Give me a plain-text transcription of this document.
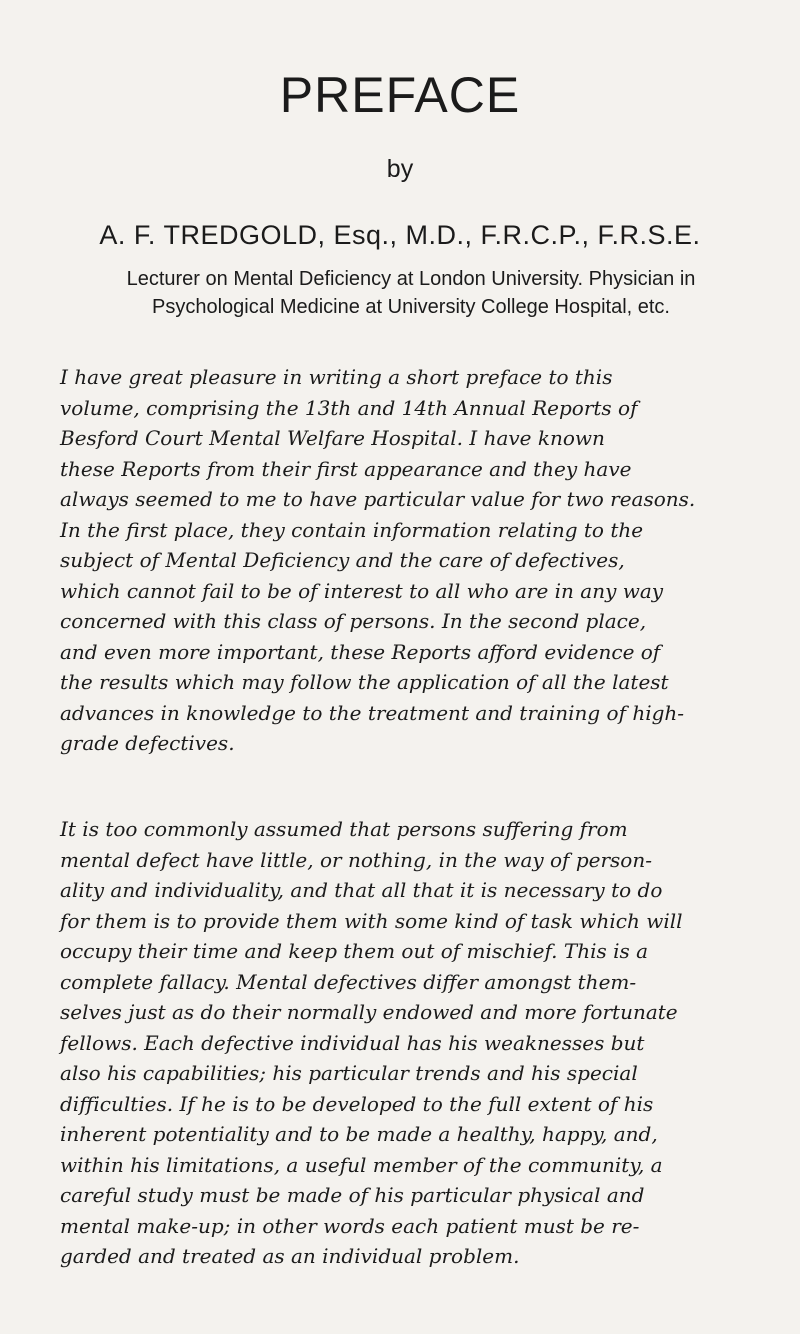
PREFACE
by
A. F. TREDGOLD, Esq., M.D., F.R.C.P., F.R.S.E.
Lecturer on Mental Deficiency at London University. Physician in
Psychological Medicine at University College Hospital, etc.

I have great pleasure in writing a short preface to this
volume, comprising the 13th and 14th Annual Reports of
Besford Court Mental Welfare Hospital. I have known
these Reports from their first appearance and they have
always seemed to me to have particular value for two reasons.
In the first place, they contain information relating to the
subject of Mental Deficiency and the care of defectives,
which cannot fail to be of interest to all who are in any way
concerned with this class of persons. In the second place,
and even more important, these Reports afford evidence of
the results which may follow the application of all the latest
advances in knowledge to the treatment and training of high-
grade defectives.

It is too commonly assumed that persons suffering from
mental defect have little, or nothing, in the way of person-
ality and individuality, and that all that it is necessary to do
for them is to provide them with some kind of task which will
occupy their time and keep them out of mischief. This is a
complete fallacy. Mental defectives differ amongst them-
selves just as do their normally endowed and more fortunate
fellows. Each defective individual has his weaknesses but
also his capabilities; his particular trends and his special
difficulties. If he is to be developed to the full extent of his
inherent potentiality and to be made a healthy, happy, and,
within his limitations, a useful member of the community, a
careful study must be made of his particular physical and
mental make-up; in other words each patient must be re-
garded and treated as an individual problem.
